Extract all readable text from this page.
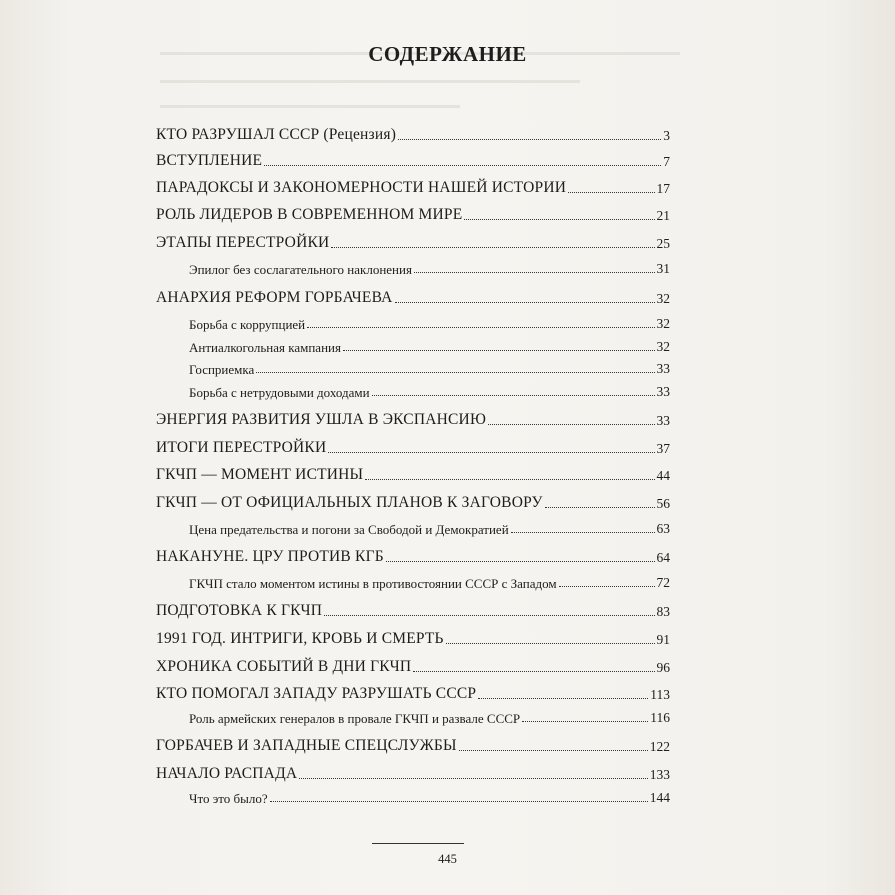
СОДЕРЖАНИЕ
КТО РАЗРУШАЛ СССР (Рецензия)	3
ВСТУПЛЕНИЕ	7
ПАРАДОКСЫ И ЗАКОНОМЕРНОСТИ НАШЕЙ ИСТОРИИ	17
РОЛЬ ЛИДЕРОВ В СОВРЕМЕННОМ МИРЕ	21
ЭТАПЫ ПЕРЕСТРОЙКИ	25
Эпилог без сослагательного наклонения	31
АНАРХИЯ РЕФОРМ ГОРБАЧЕВА	32
Борьба с коррупцией	32
Антиалкогольная кампания	32
Госприемка	33
Борьба с нетрудовыми доходами	33
ЭНЕРГИЯ РАЗВИТИЯ УШЛА В ЭКСПАНСИЮ	33
ИТОГИ ПЕРЕСТРОЙКИ	37
ГКЧП — МОМЕНТ ИСТИНЫ	44
ГКЧП — ОТ ОФИЦИАЛЬНЫХ ПЛАНОВ К ЗАГОВОРУ	56
Цена предательства и погони за Свободой и Демократией	63
НАКАНУНЕ. ЦРУ ПРОТИВ КГБ	64
ГКЧП стало моментом истины в противостоянии СССР с Западом	72
ПОДГОТОВКА К ГКЧП	83
1991 ГОД. ИНТРИГИ, КРОВЬ И СМЕРТЬ	91
ХРОНИКА СОБЫТИЙ В ДНИ ГКЧП	96
КТО ПОМОГАЛ ЗАПАДУ РАЗРУШАТЬ СССР	113
Роль армейских генералов в провале ГКЧП и развале СССР	116
ГОРБАЧЕВ И ЗАПАДНЫЕ СПЕЦСЛУЖБЫ	122
НАЧАЛО РАСПАДА	133
Что это было?	144
445
